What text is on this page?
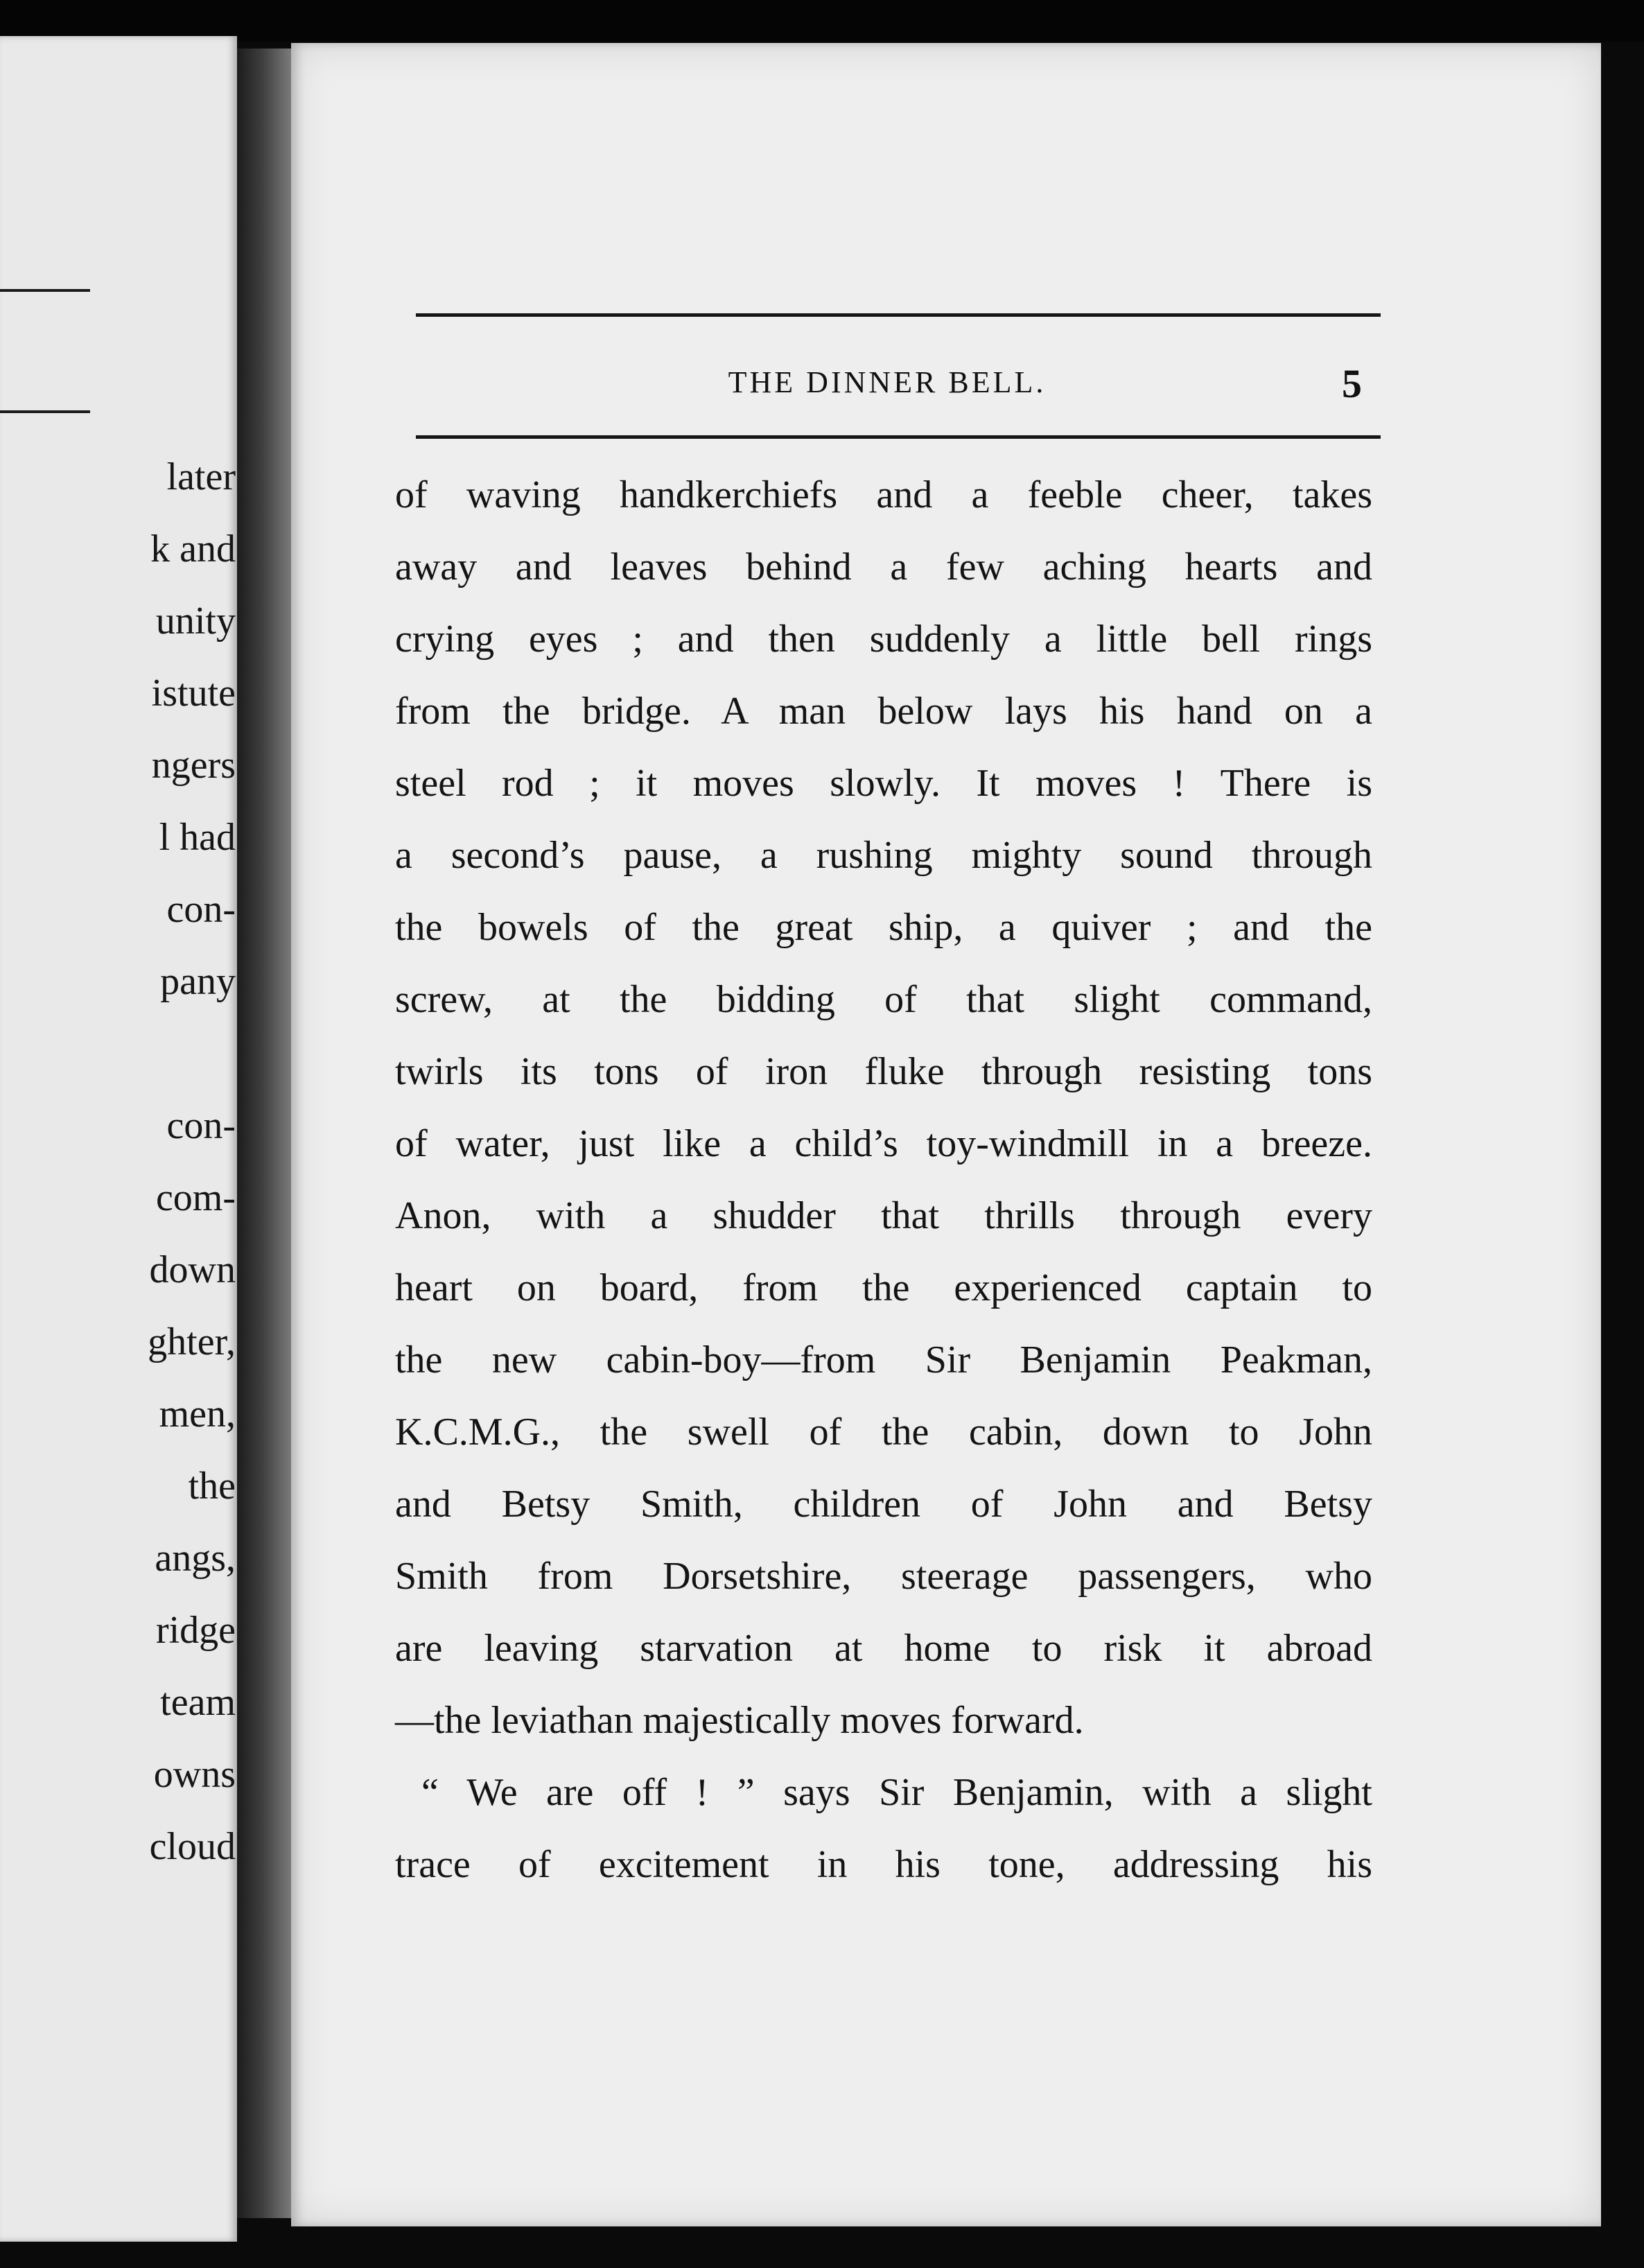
later
k and
unity
istute
ngers
l had
con-
pany
con-
com-
down
ghter,
men,
the
angs,
ridge
team
owns
cloud
THE DINNER BELL.	5
of waving handkerchiefs and a feeble cheer, takes
away and leaves behind a few aching hearts and
crying eyes ; and then suddenly a little bell rings
from the bridge. A man below lays his hand on a
steel rod ; it moves slowly. It moves ! There is
a second’s pause, a rushing mighty sound through
the bowels of the great ship, a quiver ; and the
screw, at the bidding of that slight command,
twirls its tons of iron fluke through resisting tons
of water, just like a child’s toy-windmill in a breeze.
Anon, with a shudder that thrills through every
heart on board, from the experienced captain to
the new cabin-boy—from Sir Benjamin Peakman,
K.C.M.G., the swell of the cabin, down to John
and Betsy Smith, children of John and Betsy
Smith from Dorsetshire, steerage passengers, who
are leaving starvation at home to risk it abroad
—the leviathan majestically moves forward.
“ We are off ! ” says Sir Benjamin, with a slight
trace of excitement in his tone, addressing his
